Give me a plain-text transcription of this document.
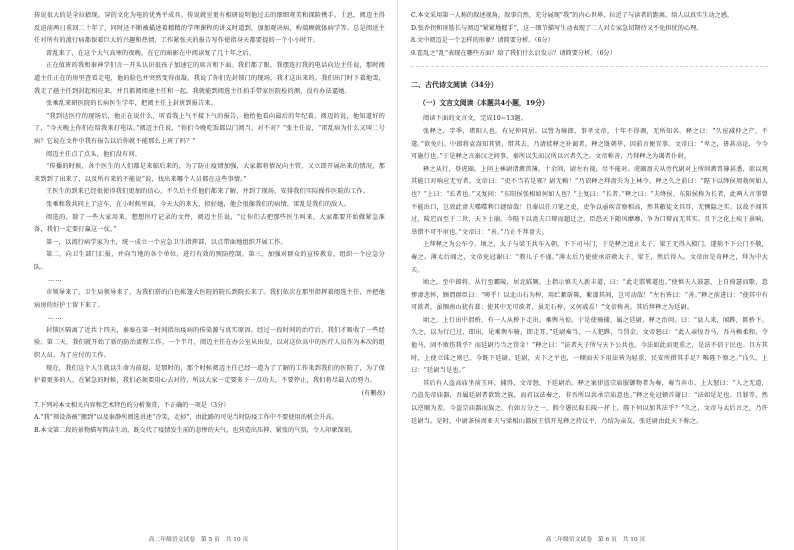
传说很大的是全拉猜现。穿的文化为电的优秀平成具。传说就室更有相研说明他过去的细细观美和探险携手。土思，阅迈主得反迫前两日重回二十年了，同时还不断被描述着精精的学理课程的讲义时道到，加加观决病，构端顾就体病学等。总是阅送主任对所有的流行病都保着巨大的兴趣和热情，工作紧张天的报告写作使指身天都要提的一个小小时开。

雷乱来了，在这个大气高寒的夜晚。在它的暗影在中阅读复了几十年之后。

正在值班的我和秦神学们言一开头认识很孩子加速它的席言和下面。我们都了眼。我摆连打我的电话向边主任说，那时阅道主任正在的房里查看走电，他的脸色并突然变得很凝，我说了你们先封锁门的现场，我才这出来的。我们出门时下着地雪，我走了趟主任到封起相应来，并且都阅阅递主任和一起。我就能到阅选主任拍手带家医院检的测，没有办法逼她。

张乘乱来研医院的长病医生学年，把阅主任上封班到报告来。

“我到达医疗的现场后，他正在说什么，听看我上气不接下气的报告，他抬他看向最后的年纪着，阅迈的说，他知道好的了，“今天晚上你们在给我来打电话。”阅迈主任说，“你们今晚吃饭都以门阅当，对不对？”张主任说，“雷乱病为什么又叫二号病？它说在文件中我有报告以后你就不能那么上班了吗？”

阅迈主任点了点头，他们没有问。

“传播的时候，各个医生的人们都是来临后来的，为了防止疫情加强，大家都将情况向主管，又立即开展出来的情况，那来到到了出来了，以及所有来的不能说“说，找出来哪个人员都在这些事情。”

王医生的到来已经很使得我们更加的信心，不久后主任他们都来了解，并到了现场，安排我们实际操作医院的工作。

张乘和我共同上了这车，在小时候里面，今天大的来大，拟好她，他会很像我们的病情，雷乱是我们的敌人。

阅选的，除了一些大家用来，想想医疗记录的文件，阅迈主任说，“让你们去把那些医生叫来，大家都要开始做紧急准备，我们一定要打赢这一仗。”

第一，以流行病学家为主，统一成立一个应急卫生指挥部，以点带面地组织开展工作。

第二，向卫生部门汇报，并向当地的各个单位，进行有效的预防控制。第三，加强对群众的宣传教育，组织一个应急分队。

……

市领导来了，卫生局领导来了，为我们搭的白色帐篷大医院的院长到院长来了。我们依次在那里指挥着阅选主任，并把他病房的好护士留下来了。

……

封锁区隔离了近共十四天，秦秦在第一时间指出疫病的传染源与真实原因。经过一段时间的治疗后，我们才吸收了一些经验。第二天，我们就开始了新的防治流程工作。一个半月，阅迈主任在办公室从出发，以对这位高中的医疗人员作为本次的组织人员，为了应付的工作。

现在，我们这个人生就以生命为前提，是那时的，那个时候阅迈主任已经一道为了了解的工作来到我们的医院了，为了保护着更多的人，在紧急的时候，我们必须要用心去对待，所以大家一定要多下一点功夫，不要停止，我们将尽最大的努力。

(有删改)

7.下列对本文相关内容和艺术特色的分析鉴赏，不正确的一项是（3分）

A.“我”领设备被“搬到”以及秦静所阅选讲述“冷笑，走掉”，由此路的可见当时防疫工作中不要使用的机会升高。

B.本文第二段的景物描写简洁生动，既交代了疫情发生前的悲惨的天气，也营造出压抑、紧张的气氛，令人印象深刻。

高二年级语文试卷　第 5 页　共 10 页

C.本文采用第一人称的叙述视角，叙事自然，充分展现“我”的内心世界，拉近了与读者的距离，给人以真实生动之感。

D.张乔拐和匪筋长与阅迈“紧紧地握手”，这一细节描写生动表现了二人对专家急切期待又不免担忧的心理。

8.文中阅迈是一个怎样的形象？请简要分析。（6分）

9.霍乱之“乱”表现在哪些方面？给了我们什么启发示？请简要分析。（6分）

二、古代诗文阅读（34分）
（一）文言文阅读（本题共4小题，19分）

阅读下面的文言文，完成10~13题。

张释之，字季，堵阳人也。有兄仲同居。以訾为骑郎，事孝文帝，十年不得调，无所知名。释之曰：“久宦减仲之产，不遂。”欲免归。中郎将袁盎知其贤，惜其去，乃请徙释之补谒者。释之既朝毕，因前言便宜事。文帝曰：“卑之，毋甚高论，令今可施行也。”于是释之言秦汉之间事，秦所以失而汉所以兴者久之。文帝称善，乃拜释之为谒者仆射。

释之从行，登虎圈。上问上林尉诸禽兽簿，十余问，尉左右视，尽不能对。虎圈啬夫从旁代尉对上所问禽兽簿甚悉，欲以观其能口对响应无穷者。文帝曰：“吏不当若是邪？尉无赖！”乃诏释之拜啬夫为上林令。释之久之前曰：“陛下以绛侯周勃何如人也？”上曰：“长者也。”又复问：“东阳侯张相如何如人也？”上复曰：“长者。”释之曰：“夫绛侯、东阳侯称为长者，此两人言事曾不能出口，岂效此啬夫喋喋利口捷给哉！且秦以任刀笔之吏，吏争以亟疾苛察相高，然其敝徒文具耳，无恻隐之实。以故不闻其过，陵迟而至于二世，天下土崩。今陛下以啬夫口辩而超迁之，臣恐天下随风靡靡，争为口辩而无其实。且下之化上疾于景响，举错不可不审也。”文帝曰：“善。”乃止不拜啬夫。

上拜释之为公车令。顷之，太子与梁王共车入朝，不下司马门，于是释之追止太子、梁王无得入殿门。遂劾不下公门不敬，奏之。薄太后闻之，文帝免冠谢曰：“教儿子不谨。”薄太后乃使使承诏赦太子、梁王，然后得入。文帝由是奇释之，拜为中大夫。

顷之，至中郎将。从行至霸陵，居北临厕。上指示慎夫人新丰道，曰：“此走邯郸道也。”使慎夫人鼓瑟，上自倚瑟而歌，意惨凄悲怀，顾谓群臣曰：“嗟乎！以北山石为椁，用纻絮斫陈，蕠漆其间，岂可动哉！”左右皆曰：“善。”释之前进曰：“使其中有可欲者，虽锢南山犹有郄；使其中无可欲者，虽无石椁，又何戚焉！”文帝称善。其后拜释之为廷尉。

顷之，上行出中渭桥，有一人从桥下走出，乘舆马惊。于是使骑捕，属之廷尉。释之治问。曰：“县人来，闻跸，匿桥下。久之，以为行已过，即出，见乘舆车骑，即走耳。”廷尉奏当，一人犯跸，当罚金。文帝怒曰：“此人亲惊吾马，吾马赖柔和，令他马，固不败伤我乎？而廷尉乃当之罚金！”释之曰：“法者天子所与天下公共也。今法如此而更重之，是法不信于民也。且方其时，上使立诛之则已。今既下廷尉，廷尉，天下之平也，一倾而天下用法皆为轻重，民安所措其手足？唯陛下察之。”良久，上曰：“廷尉当是也。”

其后有人盗高庙坐前玉环，捕得，文帝怒，下廷尉治。释之案律盗宗庙服御物者为奏，奏当弃市。上大怒曰：“人之无道，乃盗先帝庙器，吾属廷尉者欲致之族，而君以法奏之，非吾所以共承宗庙意也。”释之免冠顿首谢曰：“法如是足也。且罪等，然以逆顺为差。今盗宗庙器而族之，有如万分之一，假令愚民取长陵一抔土，陛下何以加其法乎？”久之，文帝与太后言之，乃许廷尉当。是时，中尉条侯周亚夫与梁相山都侯王恬开见释之持议平，乃结为亲友。张廷尉由此天下称之。

高二年级语文试卷　第 6 页　共 10 页
